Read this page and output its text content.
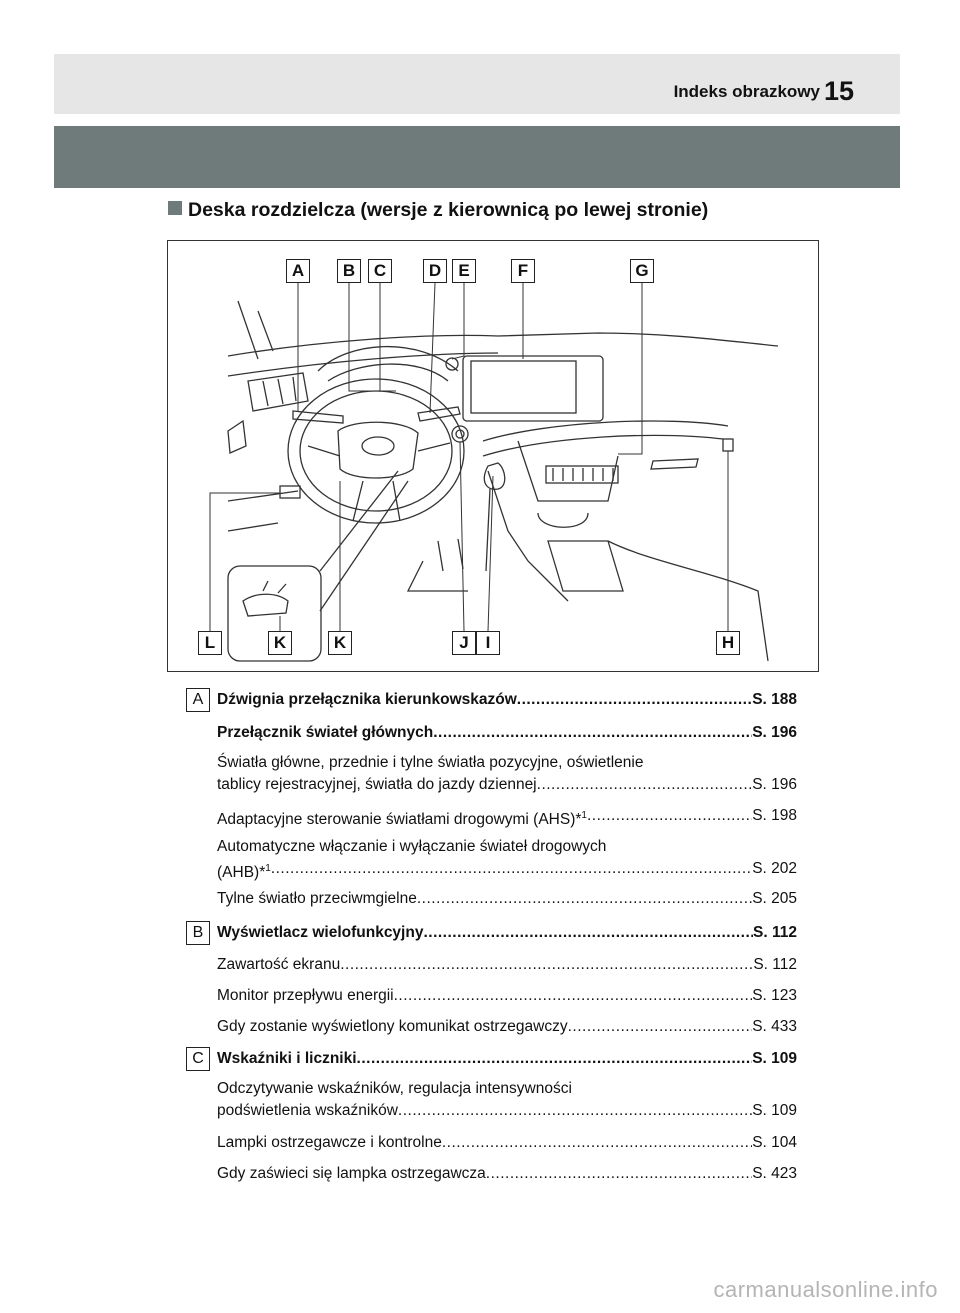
Indeks obrazkowy 15
Deska rozdzielcza (wersje z kierownicą po lewej stronie)
A	B	C	D	E	F	G
L	K	K	J I	H
A Dźwignia przełącznika kierunkowskazów .....	S. 188
Przełącznik świateł głównych .....	S. 196
Światła główne, przednie i tylne światła pozycyjne, oświetlenie
tablicy rejestracyjnej, światła do jazdy dziennej .....	S. 196
Adaptacyjne sterowanie światłami drogowymi (AHS)*$^1$ .....	S. 198
Automatyczne włączanie i wyłączanie świateł drogowych
(AHB)*$^1$ .....	S. 202
Tylne światło przeciwmgielne .....	S. 205
B Wyświetlacz wielofunkcyjny .....	S. 112
Zawartość ekranu .....	S. 112
Monitor przepływu energii .....	S. 123
Gdy zostanie wyświetlony komunikat ostrzegawczy .....	S. 433
C Wskaźniki i liczniki .....	S. 109
Odczytywanie wskaźników, regulacja intensywności
podświetlenia wskaźników .....	S. 109
Lampki ostrzegawcze i kontrolne .....	S. 104
Gdy zaświeci się lampka ostrzegawcza .....	S. 423
carmanualsonline.info
